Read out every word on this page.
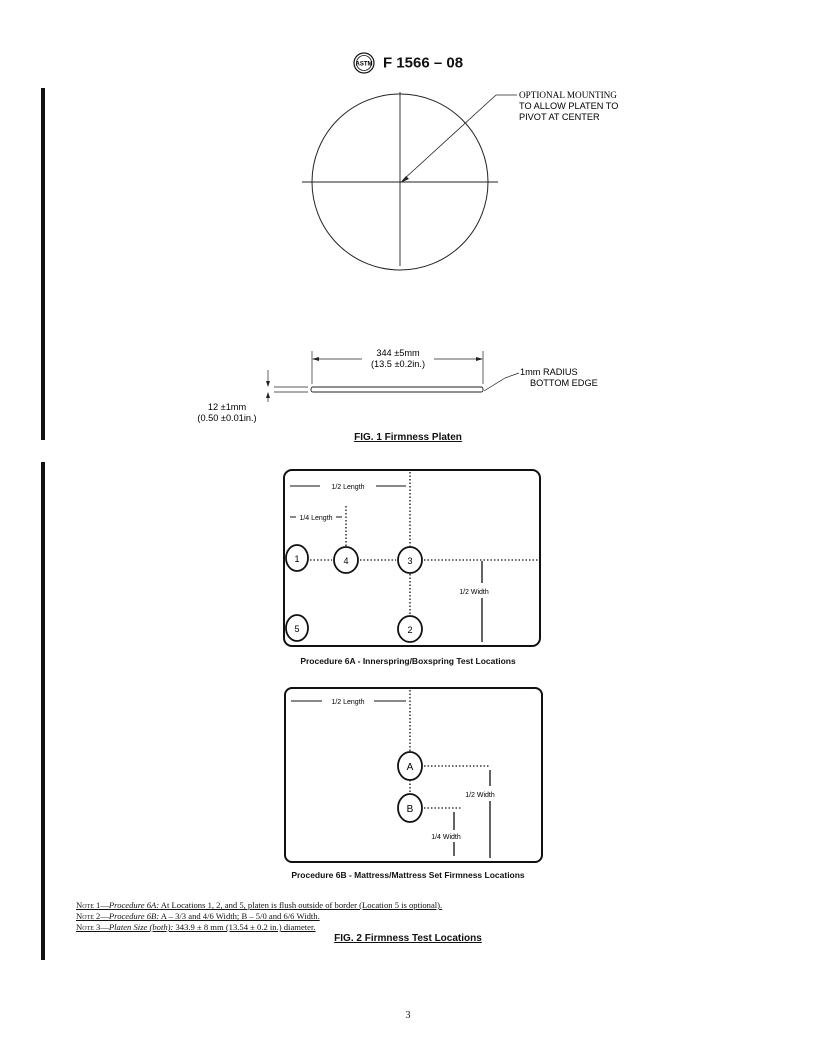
ASTM F 1566 – 08
OPTIONAL MOUNTING
TO ALLOW PLATEN TO
PIVOT AT CENTER
344 ±5mm
(13.5 ±0.2in.)
1mm RADIUS
BOTTOM EDGE
12 ±1mm
(0.50 ±0.01in.)
FIG. 1 Firmness Platen
1/2 Length
1/4 Length
1/2 Width
1	4	3
5	2
Procedure 6A - Innerspring/Boxspring Test Locations
1/2 Length
1/2 Width
1/4 Width
A
B
Procedure 6B - Mattress/Mattress Set Firmness Locations
Note 1—Procedure 6A: At Locations 1, 2, and 5, platen is flush outside of border (Location 5 is optional).
Note 2—Procedure 6B: A – 3/3 and 4/6 Width; B – 5/0 and 6/6 Width.
Note 3—Platen Size (both): 343.9 ± 8 mm (13.54 ± 0.2 in.) diameter.
FIG. 2 Firmness Test Locations
3
